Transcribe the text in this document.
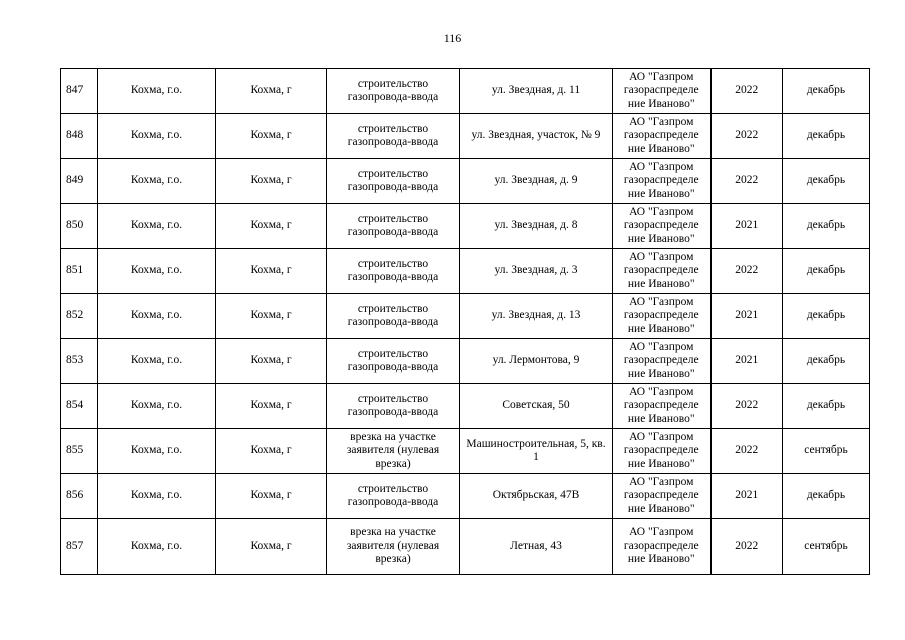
116
847	Кохма, г.о.	Кохма, г	строительство газопровода-ввода	ул. Звездная, д. 11	АО "Газпром газораспределе ние Иваново"	2022	декабрь
848	Кохма, г.о.	Кохма, г	строительство газопровода-ввода	ул. Звездная, участок, № 9	АО "Газпром газораспределе ние Иваново"	2022	декабрь
849	Кохма, г.о.	Кохма, г	строительство газопровода-ввода	ул. Звездная, д. 9	АО "Газпром газораспределе ние Иваново"	2022	декабрь
850	Кохма, г.о.	Кохма, г	строительство газопровода-ввода	ул. Звездная, д. 8	АО "Газпром газораспределе ние Иваново"	2021	декабрь
851	Кохма, г.о.	Кохма, г	строительство газопровода-ввода	ул. Звездная, д. 3	АО "Газпром газораспределе ние Иваново"	2022	декабрь
852	Кохма, г.о.	Кохма, г	строительство газопровода-ввода	ул. Звездная, д. 13	АО "Газпром газораспределе ние Иваново"	2021	декабрь
853	Кохма, г.о.	Кохма, г	строительство газопровода-ввода	ул. Лермонтова, 9	АО "Газпром газораспределе ние Иваново"	2021	декабрь
854	Кохма, г.о.	Кохма, г	строительство газопровода-ввода	Советская, 50	АО "Газпром газораспределе ние Иваново"	2022	декабрь
855	Кохма, г.о.	Кохма, г	врезка на участке заявителя (нулевая врезка)	Машиностроительная, 5, кв. 1	АО "Газпром газораспределе ние Иваново"	2022	сентябрь
856	Кохма, г.о.	Кохма, г	строительство газопровода-ввода	Октябрьская, 47В	АО "Газпром газораспределе ние Иваново"	2021	декабрь
857	Кохма, г.о.	Кохма, г	врезка на участке заявителя (нулевая врезка)	Летная, 43	АО "Газпром газораспределе ние Иваново"	2022	сентябрь
